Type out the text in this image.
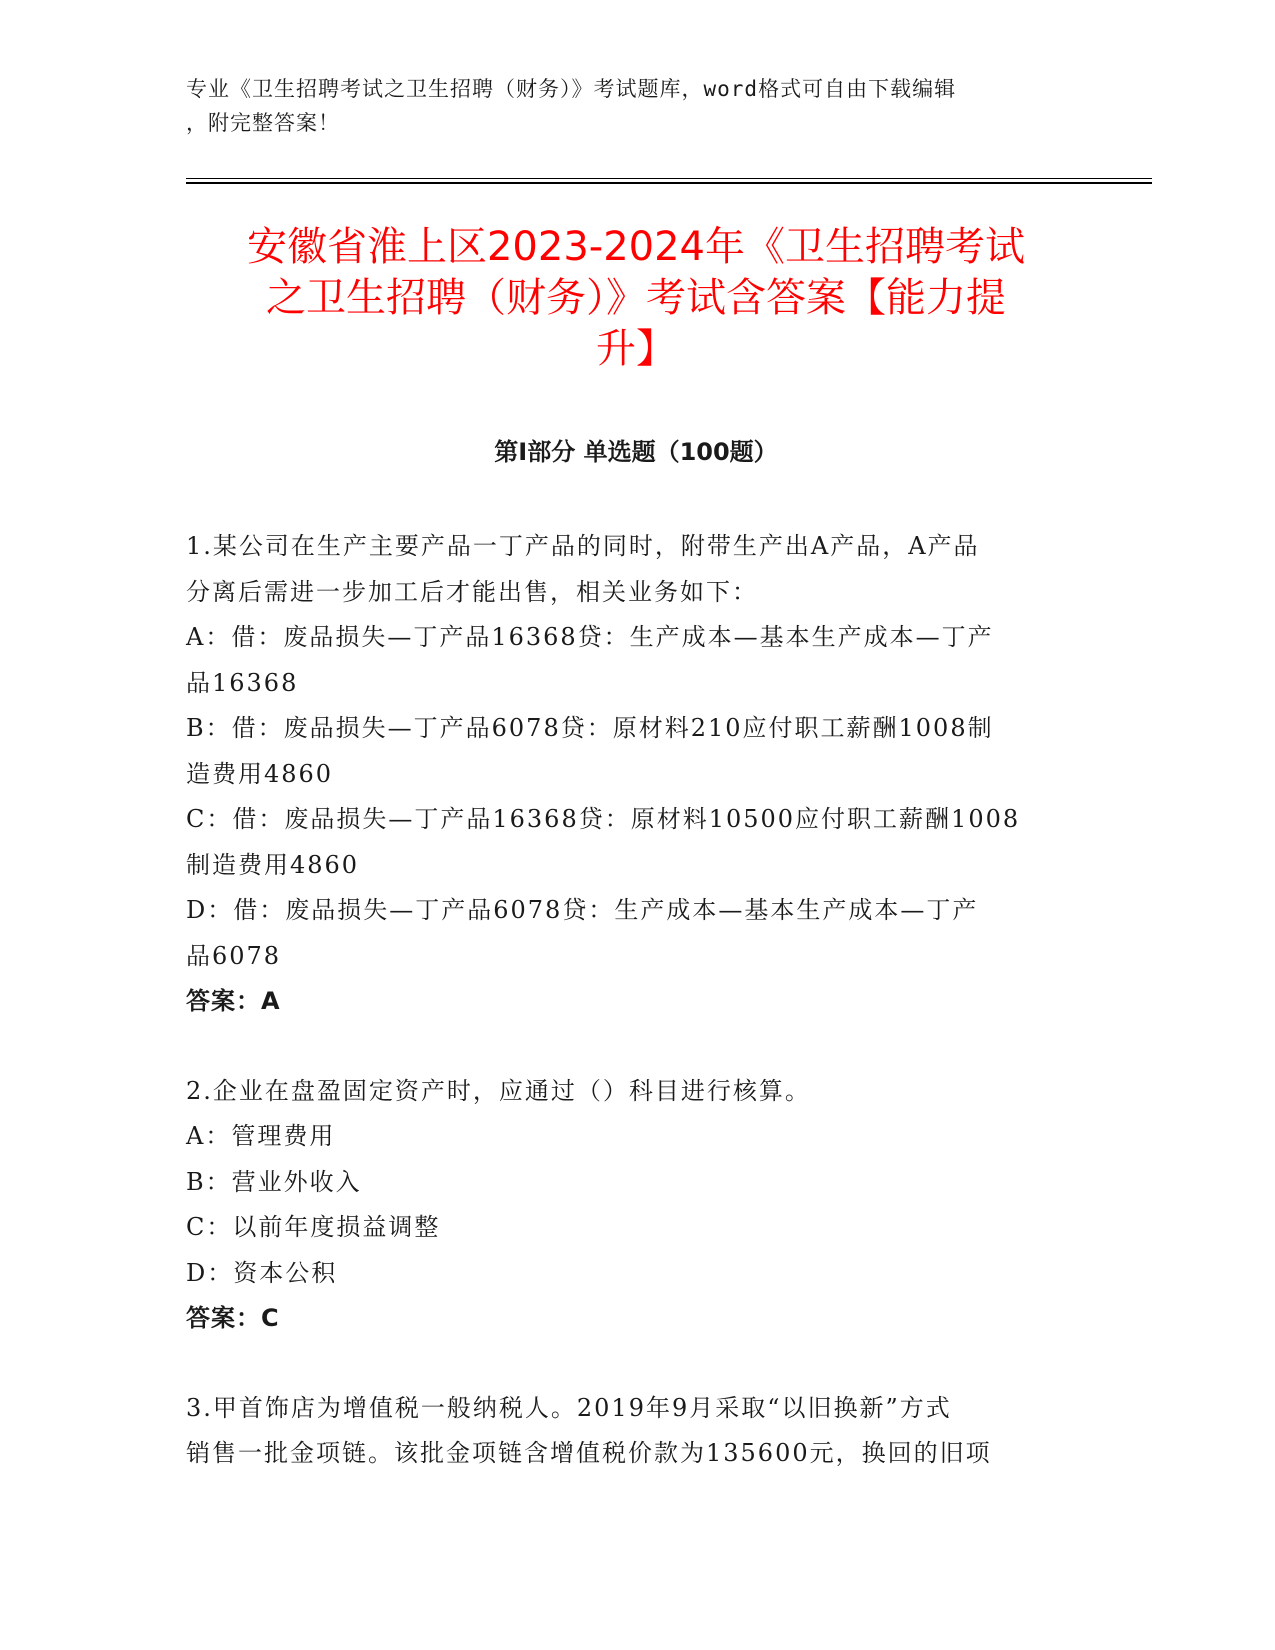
专业《卫生招聘考试之卫生招聘（财务）》考试题库，word格式可自由下载编辑
，附完整答案！
安徽省淮上区2023-2024年《卫生招聘考试
之卫生招聘（财务）》考试含答案【能力提
升】
第Ⅰ部分 单选题（100题）

1.某公司在生产主要产品一丁产品的同时，附带生产出A产品，A产品

分离后需进一步加工后才能出售，相关业务如下：

A：借：废品损失—丁产品16368贷：生产成本—基本生产成本—丁产

品16368

B：借：废品损失—丁产品6078贷：原材料210应付职工薪酬1008制

造费用4860

C：借：废品损失—丁产品16368贷：原材料10500应付职工薪酬1008

制造费用4860

D：借：废品损失—丁产品6078贷：生产成本—基本生产成本—丁产

品6078

答案：A

2.企业在盘盈固定资产时，应通过（）科目进行核算。

A：管理费用

B：营业外收入

C：以前年度损益调整

D：资本公积

答案：C

3.甲首饰店为增值税一般纳税人。2019年9月采取“以旧换新”方式

销售一批金项链。该批金项链含增值税价款为135600元，换回的旧项
